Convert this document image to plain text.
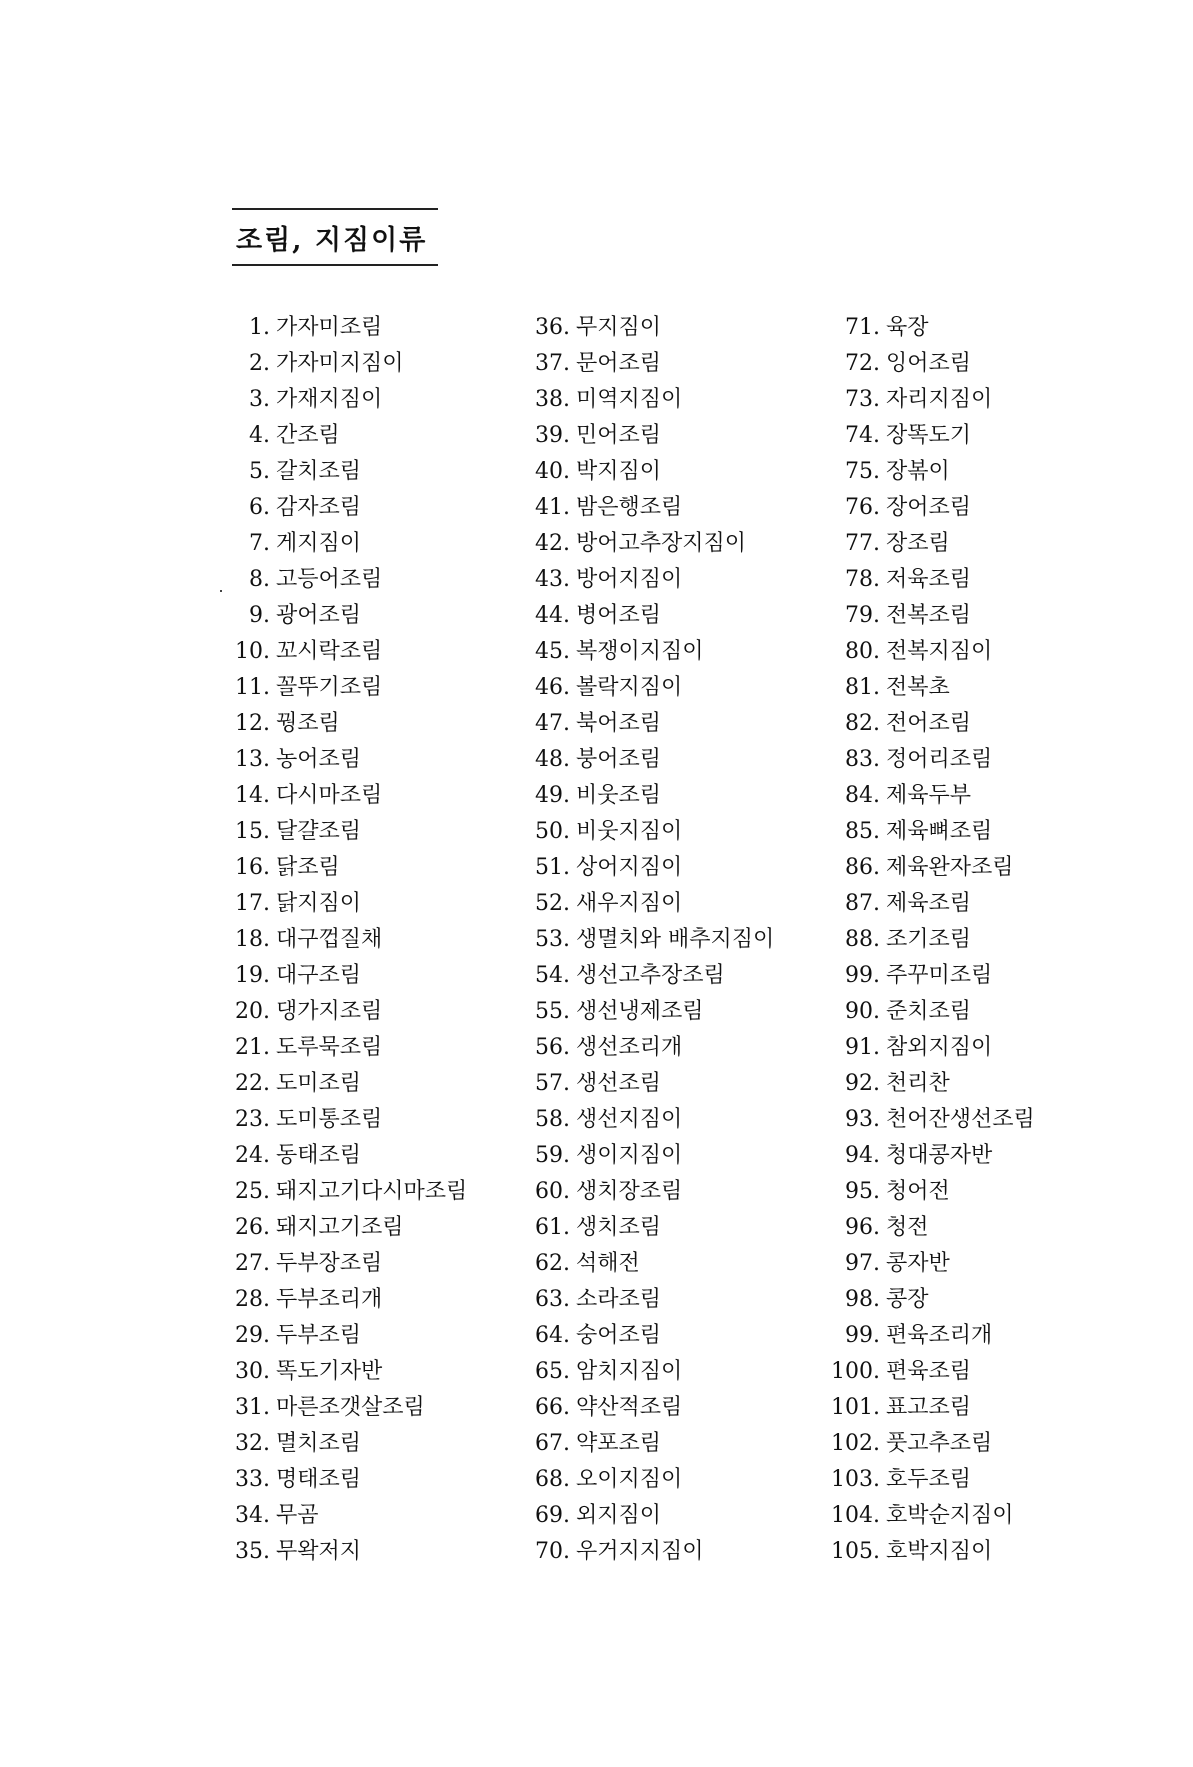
조림, 지짐이류
1. 가자미조림
2. 가자미지짐이
3. 가재지짐이
4. 간조림
5. 갈치조림
6. 감자조림
7. 게지짐이
8. 고등어조림
9. 광어조림
10. 꼬시락조림
11. 꼴뚜기조림
12. 꿩조림
13. 농어조림
14. 다시마조림
15. 달걀조림
16. 닭조림
17. 닭지짐이
18. 대구껍질채
19. 대구조림
20. 댕가지조림
21. 도루묵조림
22. 도미조림
23. 도미통조림
24. 동태조림
25. 돼지고기다시마조림
26. 돼지고기조림
27. 두부장조림
28. 두부조리개
29. 두부조림
30. 똑도기자반
31. 마른조갯살조림
32. 멸치조림
33. 명태조림
34. 무곰
35. 무왁저지
36. 무지짐이
37. 문어조림
38. 미역지짐이
39. 민어조림
40. 박지짐이
41. 밤은행조림
42. 방어고추장지짐이
43. 방어지짐이
44. 병어조림
45. 복쟁이지짐이
46. 볼락지짐이
47. 북어조림
48. 붕어조림
49. 비웃조림
50. 비웃지짐이
51. 상어지짐이
52. 새우지짐이
53. 생멸치와 배추지짐이
54. 생선고추장조림
55. 생선냉제조림
56. 생선조리개
57. 생선조림
58. 생선지짐이
59. 생이지짐이
60. 생치장조림
61. 생치조림
62. 석해전
63. 소라조림
64. 숭어조림
65. 암치지짐이
66. 약산적조림
67. 약포조림
68. 오이지짐이
69. 외지짐이
70. 우거지지짐이
71. 육장
72. 잉어조림
73. 자리지짐이
74. 장똑도기
75. 장볶이
76. 장어조림
77. 장조림
78. 저육조림
79. 전복조림
80. 전복지짐이
81. 전복초
82. 전어조림
83. 정어리조림
84. 제육두부
85. 제육뼈조림
86. 제육완자조림
87. 제육조림
88. 조기조림
99. 주꾸미조림
90. 준치조림
91. 참외지짐이
92. 천리찬
93. 천어잔생선조림
94. 청대콩자반
95. 청어전
96. 청전
97. 콩자반
98. 콩장
99. 편육조리개
100. 편육조림
101. 표고조림
102. 풋고추조림
103. 호두조림
104. 호박순지짐이
105. 호박지짐이
